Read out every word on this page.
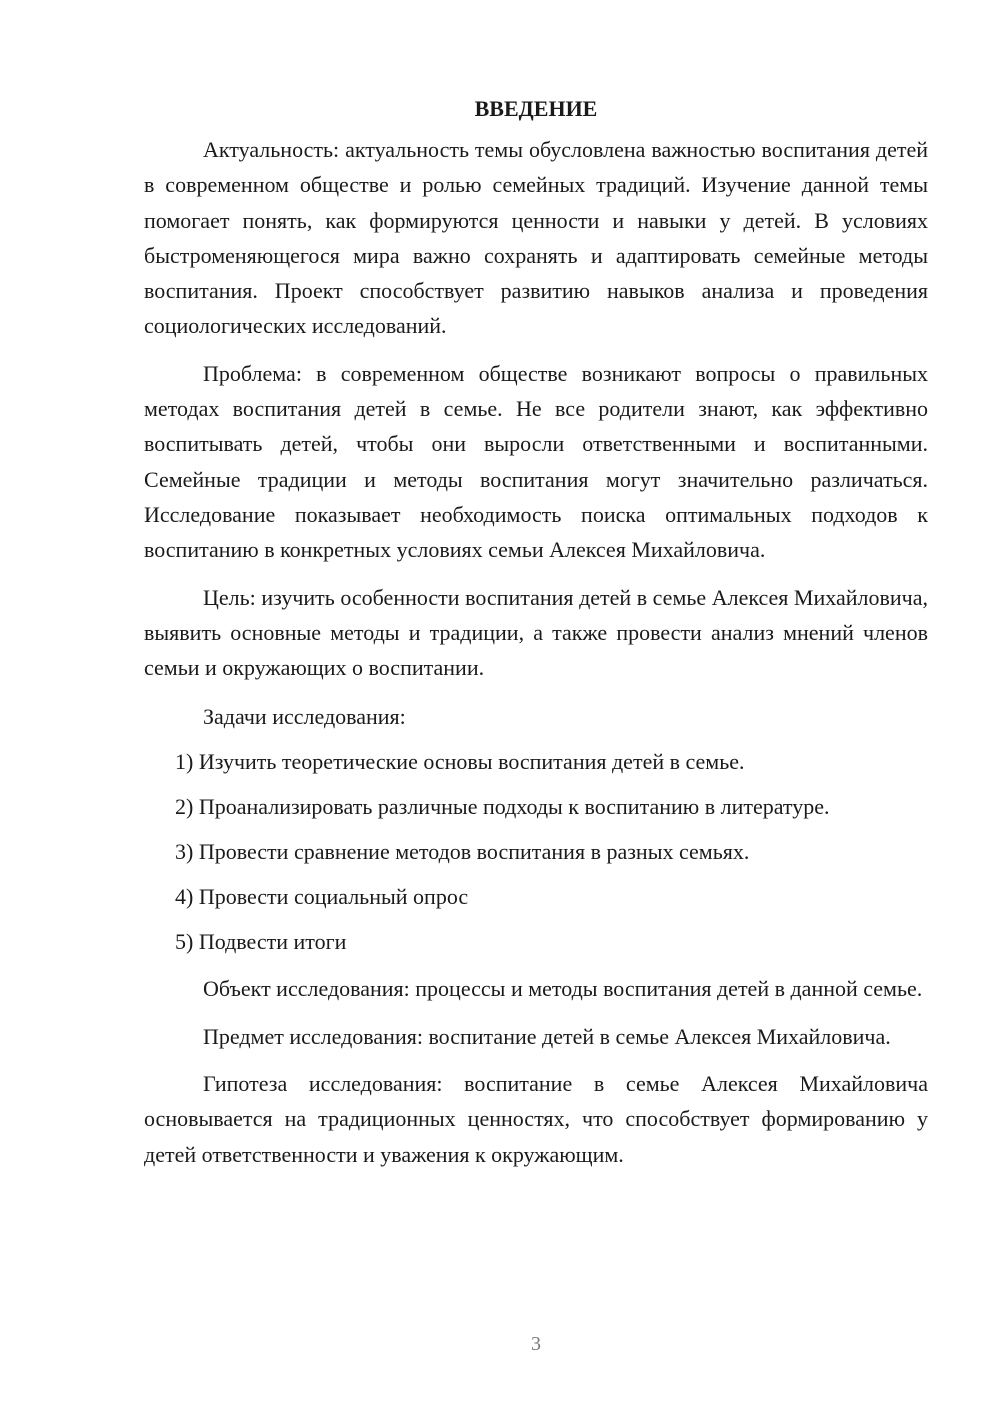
ВВЕДЕНИЕ

Актуальность: актуальность темы обусловлена важностью воспитания детей в современном обществе и ролью семейных традиций. Изучение данной темы помогает понять, как формируются ценности и навыки у детей. В условиях быстроменяющегося мира важно сохранять и адаптировать семейные методы воспитания. Проект способствует развитию навыков анализа и проведения социологических исследований.

Проблема: в современном обществе возникают вопросы о правильных методах воспитания детей в семье. Не все родители знают, как эффективно воспитывать детей, чтобы они выросли ответственными и воспитанными. Семейные традиции и методы воспитания могут значительно различаться. Исследование показывает необходимость поиска оптимальных подходов к воспитанию в конкретных условиях семьи Алексея Михайловича.

Цель: изучить особенности воспитания детей в семье Алексея Михайловича, выявить основные методы и традиции, а также провести анализ мнений членов семьи и окружающих о воспитании.

Задачи исследования:

1) Изучить теоретические основы воспитания детей в семье.

2) Проанализировать различные подходы к воспитанию в литературе.

3) Провести сравнение методов воспитания в разных семьях.

4) Провести социальный опрос

5) Подвести итоги

Объект исследования: процессы и методы воспитания детей в данной семье.

Предмет исследования: воспитание детей в семье Алексея Михайловича.

Гипотеза исследования: воспитание в семье Алексея Михайловича основывается на традиционных ценностях, что способствует формированию у детей ответственности и уважения к окружающим.

3
